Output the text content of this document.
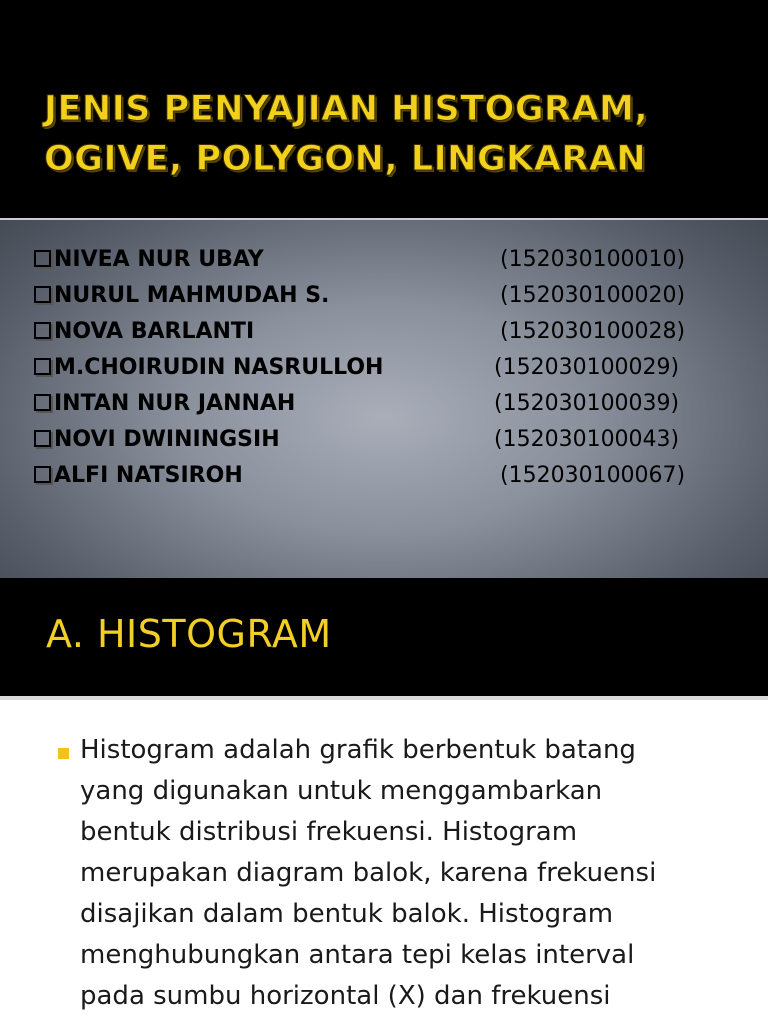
JENIS PENYAJIAN HISTOGRAM,
OGIVE, POLYGON, LINGKARAN
NIVEA NUR UBAY	(152030100010)
NURUL MAHMUDAH S.	(152030100020)
NOVA BARLANTI	(152030100028)
M.CHOIRUDIN NASRULLOH	(152030100029)
INTAN NUR JANNAH	(152030100039)
NOVI DWININGSIH	(152030100043)
ALFI NATSIROH	(152030100067)
A. HISTOGRAM

Histogram adalah grafik berbentuk batang
yang digunakan untuk menggambarkan
bentuk distribusi frekuensi. Histogram
merupakan diagram balok, karena frekuensi
disajikan dalam bentuk balok. Histogram
menghubungkan antara tepi kelas interval
pada sumbu horizontal (X) dan frekuensi
